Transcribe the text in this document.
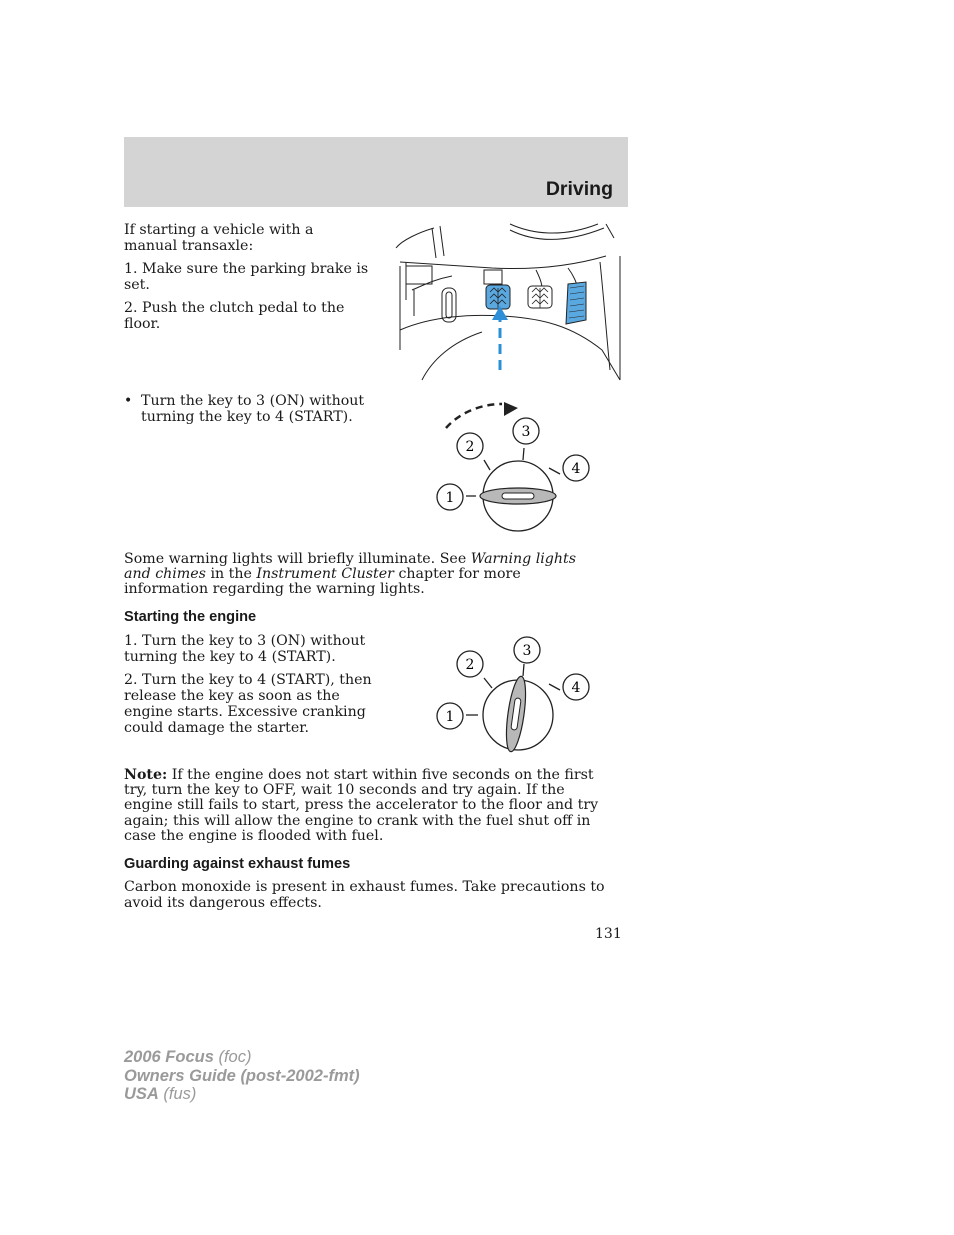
Driving

If starting a vehicle with a manual transaxle:

1. Make sure the parking brake is set.

2. Push the clutch pedal to the floor.

• Turn the key to 3 (ON) without turning the key to 4 (START).

1
2
3
4

Some warning lights will briefly illuminate. See Warning lights and chimes in the Instrument Cluster chapter for more information regarding the warning lights.

Starting the engine

1. Turn the key to 3 (ON) without turning the key to 4 (START).

2. Turn the key to 4 (START), then release the key as soon as the engine starts. Excessive cranking could damage the starter.

1
2
3
4

Note: If the engine does not start within five seconds on the first try, turn the key to OFF, wait 10 seconds and try again. If the engine still fails to start, press the accelerator to the floor and try again; this will allow the engine to crank with the fuel shut off in case the engine is flooded with fuel.

Guarding against exhaust fumes

Carbon monoxide is present in exhaust fumes. Take precautions to avoid its dangerous effects.

131
2006 Focus (foc)
Owners Guide (post-2002-fmt)
USA (fus)
